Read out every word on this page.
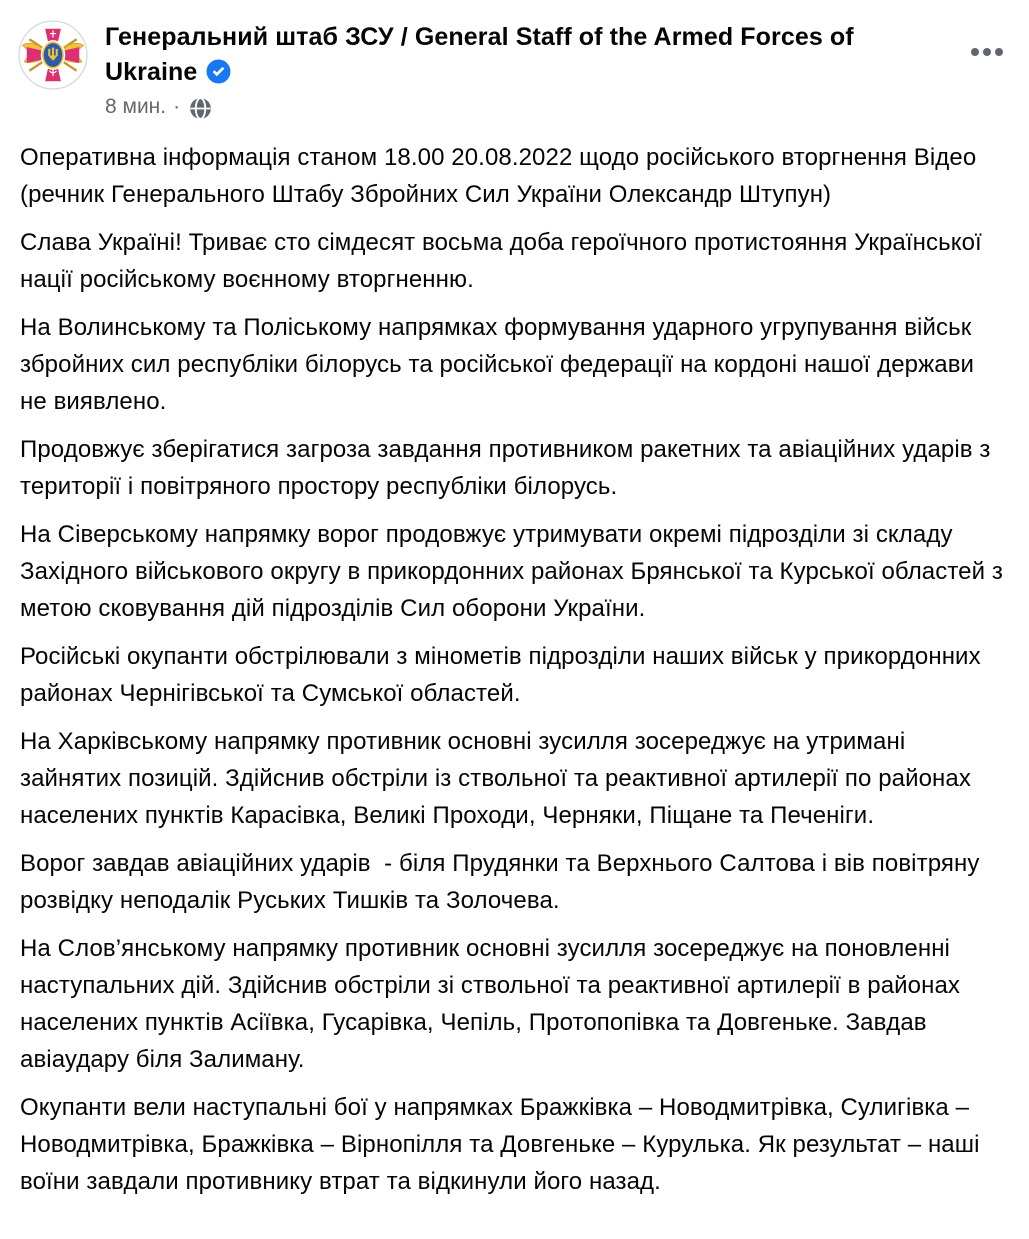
Генеральний штаб ЗСУ / General Staff of the Armed Forces of Ukraine
8 мин. ·

Оперативна інформація станом 18.00 20.08.2022 щодо російського вторгнення Відео (речник Генерального Штабу Збройних Сил України Олександр Штупун)

Слава Україні! Триває сто сімдесят восьма доба героїчного протистояння Української нації російському воєнному вторгненню.

На Волинському та Поліському напрямках формування ударного угрупування військ збройних сил республіки білорусь та російської федерації на кордоні нашої держави не виявлено.

Продовжує зберігатися загроза завдання противником ракетних та авіаційних ударів з території і повітряного простору республіки білорусь.

На Сіверському напрямку ворог продовжує утримувати окремі підрозділи зі складу Західного військового округу в прикордонних районах Брянської та Курської областей з метою сковування дій підрозділів Сил оборони України.

Російські окупанти обстрілювали з мінометів підрозділи наших військ у прикордонних районах Чернігівської та Сумської областей.

На Харківському напрямку противник основні зусилля зосереджує на утримані зайнятих позицій. Здійснив обстріли із ствольної та реактивної артилерії по районах населених пунктів Карасівка, Великі Проходи, Черняки, Піщане та Печеніги.

Ворог завдав авіаційних ударів  - біля Прудянки та Верхнього Салтова і вів повітряну розвідку неподалік Руських Тишків та Золочева.

На Слов’янському напрямку противник основні зусилля зосереджує на поновленні наступальних дій. Здійснив обстріли зі ствольної та реактивної артилерії в районах населених пунктів Асіївка, Гусарівка, Чепіль, Протопопівка та Довгеньке. Завдав авіаудару біля Залиману.

Окупанти вели наступальні бої у напрямках Бражківка – Новодмитрівка, Сулигівка – Новодмитрівка, Бражківка – Вірнопілля та Довгеньке – Курулька. Як результат – наші воїни завдали противнику втрат та відкинули його назад.
